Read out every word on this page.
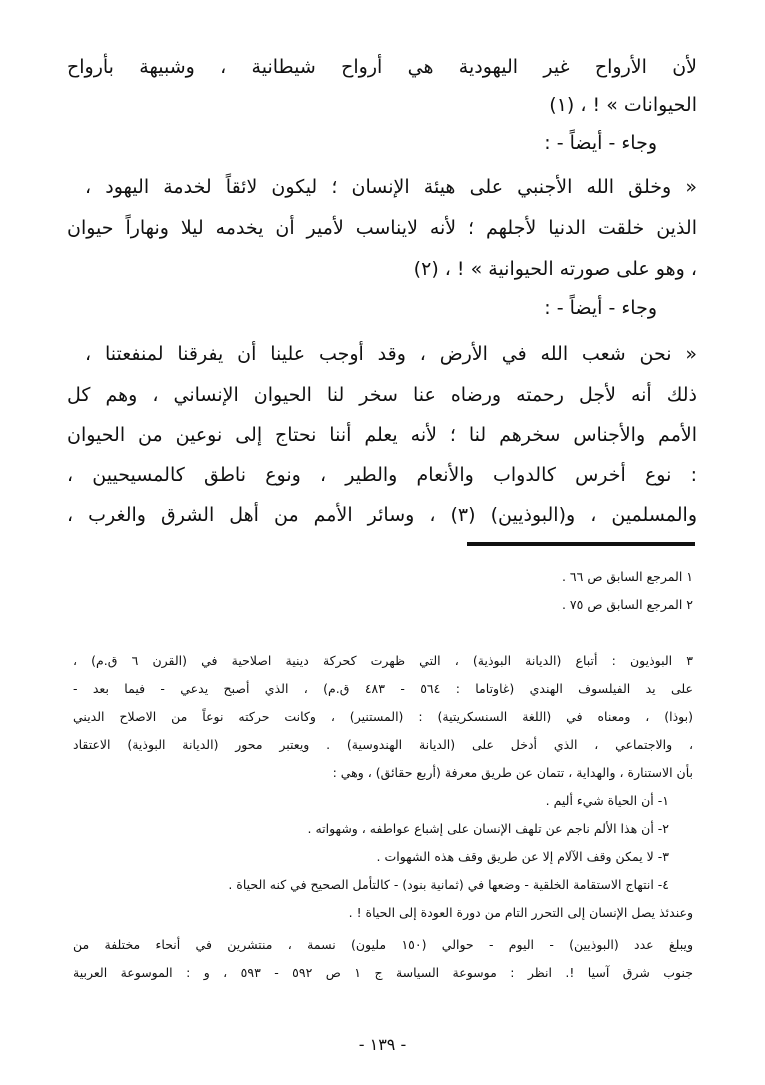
لأن الأرواح غير اليهودية هي أرواح شيطانية ، وشبيهة بأرواح
الحيوانات » ! ، (١)
وجاء - أيضاً - :
« وخلق الله الأجنبي على هيئة الإنسان ؛ ليكون لائقاً لخدمة اليهود ،
الذين خلقت الدنيا لأجلهم ؛ لأنه لايناسب لأمير أن يخدمه ليلا ونهاراً حيوان
، وهو على صورته الحيوانية » ! ، (٢)
وجاء - أيضاً - :
« نحن شعب الله في الأرض ، وقد أوجب علينا أن يفرقنا لمنفعتنا ،
ذلك أنه لأجل رحمته ورضاه عنا سخر لنا الحيوان الإنساني ، وهم كل
الأمم والأجناس سخرهم لنا ؛ لأنه يعلم أننا نحتاج إلى نوعين من الحيوان
: نوع أخرس كالدواب والأنعام والطير ، ونوع ناطق كالمسيحيين ،
والمسلمين ، و(البوذيين) (٣) ، وسائر الأمم من أهل الشرق والغرب ،
١ المرجع السابق ص ٦٦ .
٢ المرجع السابق ص ٧٥ .
٣ البوذيون : أتباع (الديانة البوذية) ، التي ظهرت كحركة دينية اصلاحية في (القرن ٦ ق.م) ،
على يد الفيلسوف الهندي (غاوتاما : ٥٦٤ - ٤٨٣ ق.م) ، الذي أصبح يدعي - فيما بعد -
(بوذا) ، ومعناه في (اللغة السنسكريتية) : (المستنير) ، وكانت حركته نوعاً من الاصلاح الديني
، والاجتماعي ، الذي أدخل على (الديانة الهندوسية) . ويعتبر محور (الديانة البوذية) الاعتقاد
بأن الاستنارة ، والهداية ، تتمان عن طريق معرفة (أربع حقائق) ، وهي :
١- أن الحياة شيء أليم .
٢- أن هذا الألم ناجم عن تلهف الإنسان على إشباع عواطفه ، وشهواته .
٣- لا يمكن وقف الآلام إلا عن طريق وقف هذه الشهوات .
٤- انتهاج الاستقامة الخلقية - وضعها في (ثمانية بنود) - كالتأمل الصحيح في كنه الحياة .
وعندئذ يصل الإنسان إلى التحرر التام من دورة العودة إلى الحياة ! .
ويبلغ عدد (البوذيين) - اليوم - حوالي (١٥٠ مليون) نسمة ، منتشرين في أنحاء مختلفة من
جنوب شرق آسيا !. انظر : موسوعة السياسة ج ١ ص ٥٩٢ - ٥٩٣ ، و : الموسوعة العربية
- ١٣٩ -
